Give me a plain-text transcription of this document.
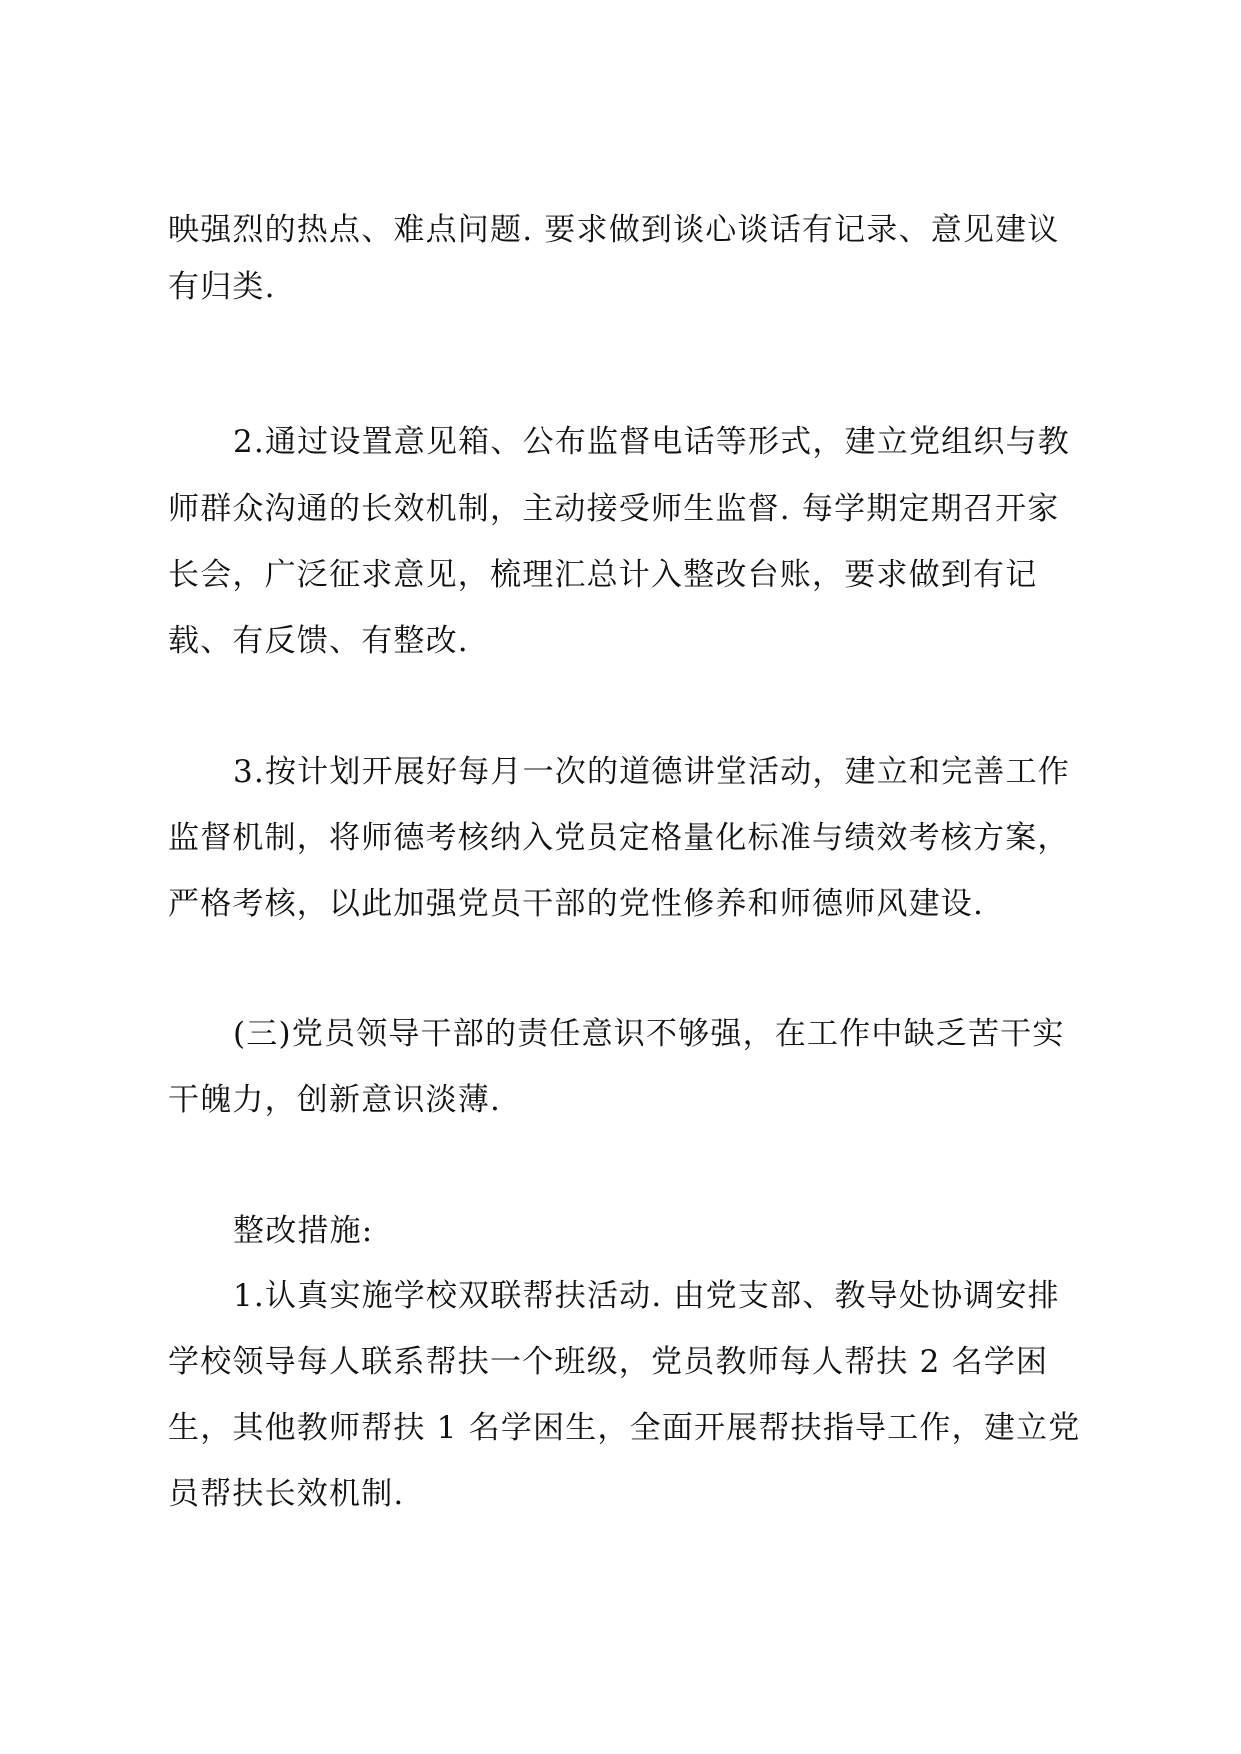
映强烈的热点、难点问题. 要求做到谈心谈话有记录、意见建议
有归类.
2.通过设置意见箱、公布监督电话等形式，建立党组织与教
师群众沟通的长效机制，主动接受师生监督. 每学期定期召开家
长会，广泛征求意见，梳理汇总计入整改台账，要求做到有记
载、有反馈、有整改.
3.按计划开展好每月一次的道德讲堂活动，建立和完善工作
监督机制，将师德考核纳入党员定格量化标准与绩效考核方案，
严格考核，以此加强党员干部的党性修养和师德师风建设.
(三)党员领导干部的责任意识不够强，在工作中缺乏苦干实
干魄力，创新意识淡薄.
整改措施:
1.认真实施学校双联帮扶活动. 由党支部、教导处协调安排
学校领导每人联系帮扶一个班级，党员教师每人帮扶 2 名学困
生，其他教师帮扶 1 名学困生，全面开展帮扶指导工作，建立党
员帮扶长效机制.
